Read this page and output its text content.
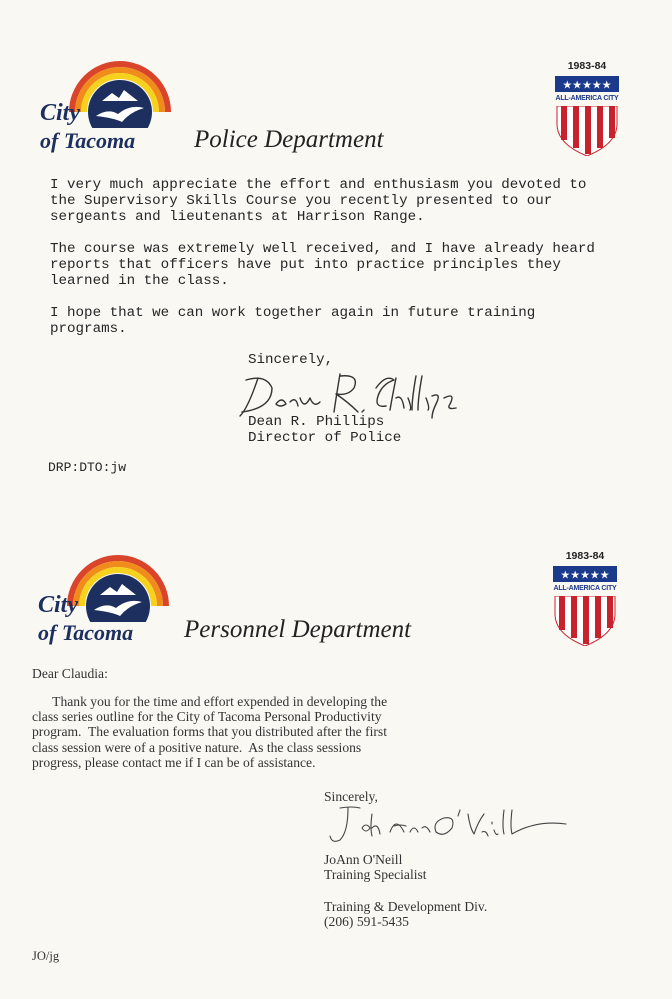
City
of Tacoma Police Department
1983-84
★★★★★
ALL-AMERICA CITY
I very much appreciate the effort and enthusiasm you devoted to
the Supervisory Skills Course you recently presented to our
sergeants and lieutenants at Harrison Range.
The course was extremely well received, and I have already heard
reports that officers have put into practice principles they
learned in the class.
I hope that we can work together again in future training
programs.
Sincerely,
Dean R. Phillips
Director of Police
DRP:DTO:jw
City
of Tacoma Personnel Department
1983-84
★★★★★
ALL-AMERICA CITY
Dear Claudia:
Thank you for the time and effort expended in developing the
class series outline for the City of Tacoma Personal Productivity
program.  The evaluation forms that you distributed after the first
class session were of a positive nature.  As the class sessions
progress, please contact me if I can be of assistance.
Sincerely,
JoAnn O'Neill
Training Specialist
Training & Development Div.
(206) 591-5435
JO/jg
